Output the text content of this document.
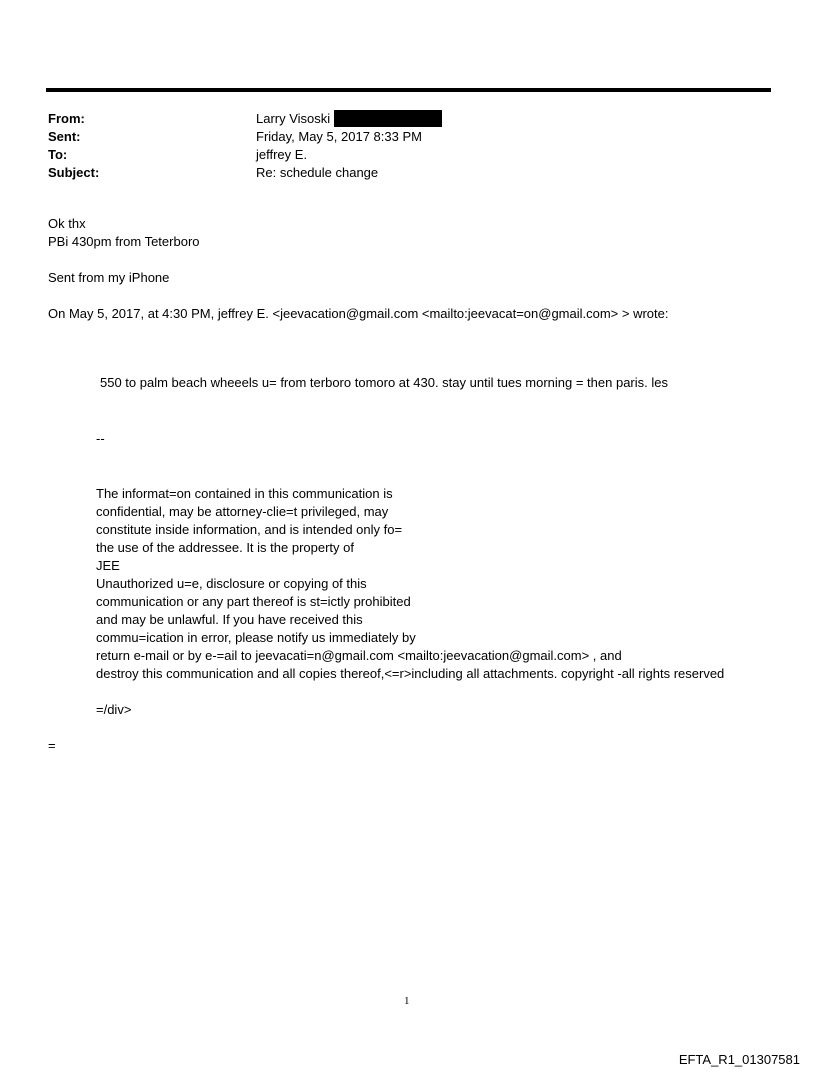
From:	Larry Visoski
Sent:	Friday, May 5, 2017 8:33 PM
To:	jeffrey E.
Subject:	Re: schedule change

Ok thx

PBi 430pm from Teterboro

Sent from my iPhone

On May 5, 2017, at 4:30 PM, jeffrey E. <jeevacation@gmail.com <mailto:jeevacat=on@gmail.com> > wrote:

550 to palm beach wheeels u= from terboro tomoro at 430. stay until tues morning = then paris. les

--

The informat=on contained in this communication is

confidential, may be attorney-clie=t privileged, may

constitute inside information, and is intended only fo=

the use of the addressee. It is the property of

JEE

Unauthorized u=e, disclosure or copying of this

communication or any part thereof is st=ictly prohibited

and may be unlawful. If you have received this

commu=ication in error, please notify us immediately by

return e-mail or by e-=ail to jeevacati=n@gmail.com <mailto:jeevacation@gmail.com> , and

destroy this communication and all copies thereof,<=r>including all attachments. copyright -all rights reserved

=/div>

=

1
EFTA_R1_01307581
